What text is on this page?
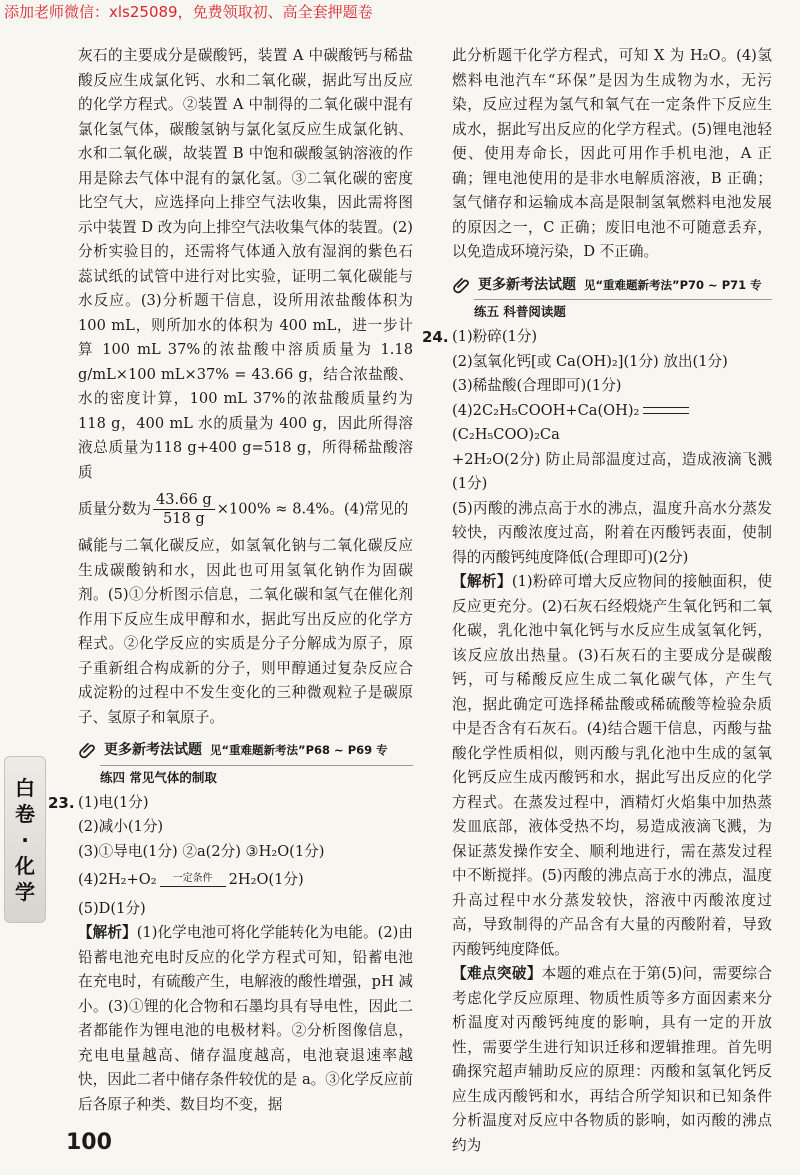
添加老师微信：xls25089，免费领取初、高全套押题卷

灰石的主要成分是碳酸钙，装置 A 中碳酸钙与稀盐酸反应生成氯化钙、水和二氧化碳，据此写出反应的化学方程式。②装置 A 中制得的二氧化碳中混有氯化氢气体，碳酸氢钠与氯化氢反应生成氯化钠、水和二氧化碳，故装置 B 中饱和碳酸氢钠溶液的作用是除去气体中混有的氯化氢。③二氧化碳的密度比空气大，应选择向上排空气法收集，因此需将图示中装置 D 改为向上排空气法收集气体的装置。(2)分析实验目的，还需将气体通入放有湿润的紫色石蕊试纸的试管中进行对比实验，证明二氧化碳能与水反应。(3)分析题干信息，设所用浓盐酸体积为 100 mL，则所加水的体积为 400 mL，进一步计算 100 mL 37%的浓盐酸中溶质质量为 1.18 g/mL×100 mL×37% = 43.66 g，结合浓盐酸、水的密度计算，100 mL 37%的浓盐酸质量约为 118 g，400 mL 水的质量为 400 g，因此所得溶液总质量为118 g+400 g=518 g，所得稀盐酸溶质

质量分数为 $\frac{43.66 g}{518 g} \times 100\% \approx 8.4\%$。(4)常见的

碱能与二氧化碳反应，如氢氧化钠与二氧化碳反应生成碳酸钠和水，因此也可用氢氧化钠作为固碳剂。(5)①分析图示信息，二氧化碳和氢气在催化剂作用下反应生成甲醇和水，据此写出反应的化学方程式。②化学反应的实质是分子分解成为原子，原子重新组合构成新的分子，则甲醇通过复杂反应合成淀粉的过程中不发生变化的三种微观粒子是碳原子、氢原子和氧原子。

更多新考法试题 见“重难题新考法”P68 ~ P69 专
练四 常见气体的制取
23. (1)电(1分)

(2)减小(1分)

(3)①导电(1分) ②a(2分) ③H₂O(1分)

(4)2H₂+O₂	一定条件	2H₂O(1分)

(5)D(1分)

【解析】(1)化学电池可将化学能转化为电能。(2)由铅蓄电池充电时反应的化学方程式可知，铅蓄电池在充电时，有硫酸产生，电解液的酸性增强，pH 减小。(3)①锂的化合物和石墨均具有导电性，因此二者都能作为锂电池的电极材料。②分析图像信息，充电电量越高、储存温度越高，电池衰退速率越快，因此二者中储存条件较优的是 a。③化学反应前后各原子种类、数目均不变，据

此分析题干化学方程式，可知 X 为 H₂O。(4)氢燃料电池汽车“环保”是因为生成物为水，无污染，反应过程为氢气和氧气在一定条件下反应生成水，据此写出反应的化学方程式。(5)锂电池轻便、使用寿命长，因此可用作手机电池，A 正确；锂电池使用的是非水电解质溶液，B 正确；氢气储存和运输成本高是限制氢氧燃料电池发展的原因之一，C 正确；废旧电池不可随意丢弃，以免造成环境污染，D 不正确。

更多新考法试题 见“重难题新考法”P70 ~ P71 专
练五 科普阅读题
24. (1)粉碎(1分)

(2)氢氧化钙[或 Ca(OH)₂](1分) 放出(1分)

(3)稀盐酸(合理即可)(1分)

(4)2C₂H₅COOH+Ca(OH)₂(C₂H₅COO)₂Ca

+2H₂O(2分) 防止局部温度过高，造成液滴飞溅(1分)

(5)丙酸的沸点高于水的沸点，温度升高水分蒸发较快，丙酸浓度过高，附着在丙酸钙表面，使制得的丙酸钙纯度降低(合理即可)(2分)

【解析】(1)粉碎可增大反应物间的接触面积，使反应更充分。(2)石灰石经煅烧产生氧化钙和二氧化碳，乳化池中氧化钙与水反应生成氢氧化钙，该反应放出热量。(3)石灰石的主要成分是碳酸钙，可与稀酸反应生成二氧化碳气体，产生气泡，据此确定可选择稀盐酸或稀硫酸等检验杂质中是否含有石灰石。(4)结合题干信息，丙酸与盐酸化学性质相似，则丙酸与乳化池中生成的氢氧化钙反应生成丙酸钙和水，据此写出反应的化学方程式。在蒸发过程中，酒精灯火焰集中加热蒸发皿底部，液体受热不均，易造成液滴飞溅，为保证蒸发操作安全、顺利地进行，需在蒸发过程中不断搅拌。(5)丙酸的沸点高于水的沸点，温度升高过程中水分蒸发较快，溶液中丙酸浓度过高，导致制得的产品含有大量的丙酸附着，导致丙酸钙纯度降低。

【难点突破】本题的难点在于第(5)问，需要综合考虑化学反应原理、物质性质等多方面因素来分析温度对丙酸钙纯度的影响，具有一定的开放性，需要学生进行知识迁移和逻辑推理。首先明确探究超声辅助反应的原理：丙酸和氢氧化钙反应生成丙酸钙和水，再结合所学知识和已知条件分析温度对反应中各物质的影响，如丙酸的沸点约为

白
卷
·
化
学
100
